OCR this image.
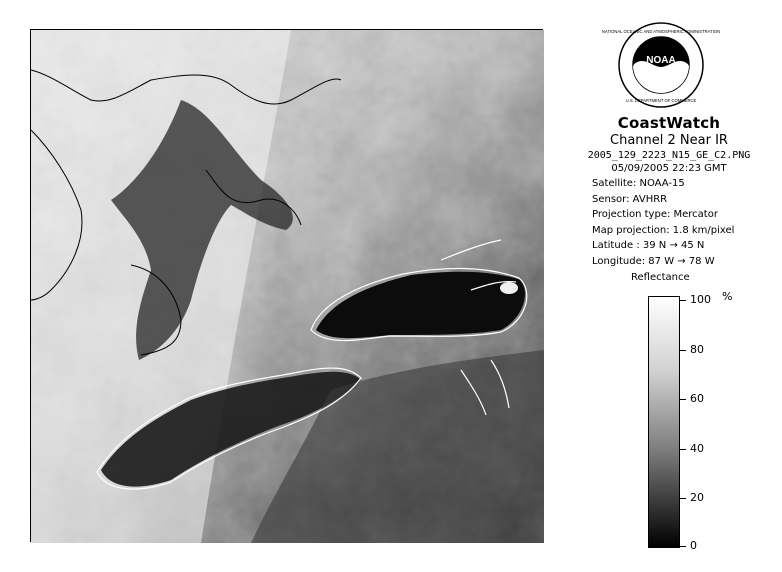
NOAA
NATIONAL OCEANIC AND ATMOSPHERIC ADMINISTRATION
U.S. DEPARTMENT OF COMMERCE
CoastWatch
Channel 2 Near IR
2005_129_2223_N15_GE_C2.PNG
05/09/2005 22:23 GMT
Satellite: NOAA-15
Sensor: AVHRR
Projection type: Mercator
Map projection: 1.8 km/pixel
Latitude : 39 N → 45 N
Longitude: 87 W → 78 W
Reflectance
%
100
80
60
40
20
0
